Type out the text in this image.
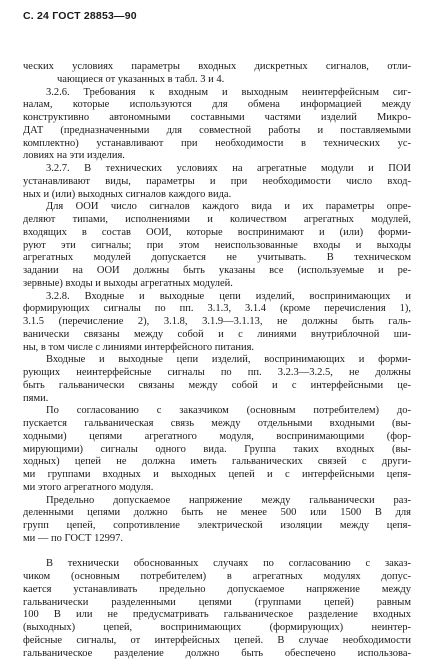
С. 24 ГОСТ 28853—90
ческих условиях параметры входных дискретных сигналов, отли-
чающиеся от указанных в табл. 3 и 4.
3.2.6. Требования к входным и выходным неинтерфейсным сиг-
налам, которые используются для обмена информацией между
конструктивно автономными составными частями изделий Микро-
ДАТ (предназначенными для совместной работы и поставляемыми
комплектно) устанавливают при необходимости в технических ус-
ловиях на эти изделия.
3.2.7. В технических условиях на агрегатные модули и ПОИ
устанавливают виды, параметры и при необходимости число вход-
ных и (или) выходных сигналов каждого вида.
Для ООИ число сигналов каждого вида и их параметры опре-
деляют типами, исполнениями и количеством агрегатных модулей,
входящих в состав ООИ, которые воспринимают и (или) форми-
руют эти сигналы; при этом неиспользованные входы и выходы
агрегатных модулей допускается не учитывать. В техническом
задании на ООИ должны быть указаны все (используемые и ре-
зервные) входы и выходы агрегатных модулей.
3.2.8. Входные и выходные цепи изделий, воспринимающих и
формирующих сигналы по пп. 3.1.3, 3.1.4 (кроме перечисления 1),
3.1.5 (перечисление 2), 3.1.8, 3.1.9—3.1.13, не должны быть галь-
ванически связаны между собой и с линиями внутриблочной ши-
ны, в том числе с линиями интерфейсного питания.
Входные и выходные цепи изделий, воспринимающих и форми-
рующих неинтерфейсные сигналы по пп. 3.2.3—3.2.5, не должны
быть гальванически связаны между собой и с интерфейсными це-
пями.
По согласованию с заказчиком (основным потребителем) до-
пускается гальваническая связь между отдельными входными (вы-
ходными) цепями агрегатного модуля, воспринимающими (фор-
мирующими) сигналы одного вида. Группа таких входных (вы-
ходных) цепей не должна иметь гальванических связей с други-
ми группами входных и выходных цепей и с интерфейсными цепя-
ми этого агрегатного модуля.
Предельно допускаемое напряжение между гальванически раз-
деленными цепями должно быть не менее 500 или 1500 В для
групп цепей, сопротивление электрической изоляции между цепя-
ми — по ГОСТ 12997.
В технически обоснованных случаях по согласованию с заказ-
чиком (основным потребителем) в агрегатных модулях допус-
кается устанавливать предельно допускаемое напряжение между
гальванически разделенными цепями (группами цепей) равным
100 В или не предусматривать гальваническое разделение входных
(выходных) цепей, воспринимающих (формирующих) неинтер-
фейсные сигналы, от интерфейсных цепей. В случае необходимости
гальваническое разделение должно быть обеспечено использова-
